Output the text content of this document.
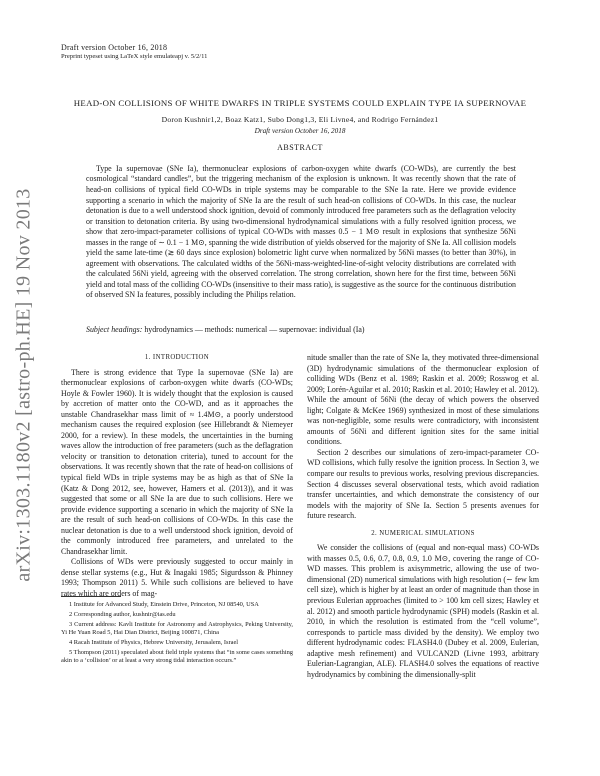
arXiv:1303.1180v2 [astro-ph.HE] 19 Nov 2013
Draft version October 16, 2018
Preprint typeset using LaTeX style emulateapj v. 5/2/11
HEAD-ON COLLISIONS OF WHITE DWARFS IN TRIPLE SYSTEMS COULD EXPLAIN TYPE IA SUPERNOVAE
Doron Kushnir1,2, Boaz Katz1, Subo Dong1,3, Eli Livne4, and Rodrigo Fernández1
Draft version October 16, 2018
ABSTRACT

Type Ia supernovae (SNe Ia), thermonuclear explosions of carbon-oxygen white dwarfs (CO-WDs), are currently the best cosmological “standard candles”, but the triggering mechanism of the explosion is unknown. It was recently shown that the rate of head-on collisions of typical field CO-WDs in triple systems may be comparable to the SNe Ia rate. Here we provide evidence supporting a scenario in which the majority of SNe Ia are the result of such head-on collisions of CO-WDs. In this case, the nuclear detonation is due to a well understood shock ignition, devoid of commonly introduced free parameters such as the deflagration velocity or transition to detonation criteria. By using two-dimensional hydrodynamical simulations with a fully resolved ignition process, we show that zero-impact-parameter collisions of typical CO-WDs with masses 0.5 − 1 M⊙ result in explosions that synthesize 56Ni masses in the range of ∼ 0.1 − 1 M⊙, spanning the wide distribution of yields observed for the majority of SNe Ia. All collision models yield the same late-time (≳ 60 days since explosion) bolometric light curve when normalized by 56Ni masses (to better than 30%), in agreement with observations. The calculated widths of the 56Ni-mass-weighted-line-of-sight velocity distributions are correlated with the calculated 56Ni yield, agreeing with the observed correlation. The strong correlation, shown here for the first time, between 56Ni yield and total mass of the colliding CO-WDs (insensitive to their mass ratio), is suggestive as the source for the continuous distribution of observed SN Ia features, possibly including the Philips relation.

Subject headings: hydrodynamics — methods: numerical — supernovae: individual (Ia)
1. INTRODUCTION

There is strong evidence that Type Ia supernovae (SNe Ia) are thermonuclear explosions of carbon-oxygen white dwarfs (CO-WDs; Hoyle & Fowler 1960). It is widely thought that the explosion is caused by accretion of matter onto the CO-WD, and as it approaches the unstable Chandrasekhar mass limit of ≈ 1.4M⊙, a poorly understood mechanism causes the required explosion (see Hillebrandt & Niemeyer 2000, for a review). In these models, the uncertainties in the burning waves allow the introduction of free parameters (such as the deflagration velocity or transition to detonation criteria), tuned to account for the observations. It was recently shown that the rate of head-on collisions of typical field WDs in triple systems may be as high as that of SNe Ia (Katz & Dong 2012, see, however, Hamers et al. (2013)), and it was suggested that some or all SNe Ia are due to such collisions. Here we provide evidence supporting a scenario in which the majority of SNe Ia are the result of such head-on collisions of CO-WDs. In this case the nuclear detonation is due to a well understood shock ignition, devoid of the commonly introduced free parameters, and unrelated to the Chandrasekhar limit.

Collisions of WDs were previously suggested to occur mainly in dense stellar systems (e.g., Hut & Inagaki 1985; Sigurdsson & Phinney 1993; Thompson 2011) 5. While such collisions are believed to have rates which are orders of mag-

1 Institute for Advanced Study, Einstein Drive, Princeton, NJ 08540, USA

2 Corresponding author, kushnir@ias.edu

3 Current address: Kavli Institute for Astronomy and Astrophysics, Peking University, Yi He Yuan Road 5, Hai Dian District, Beijing 100871, China

4 Racah Institute of Physics, Hebrew University, Jerusalem, Israel

5 Thompson (2011) speculated about field triple systems that “in some cases something akin to a ‘collision’ or at least a very strong tidal interaction occurs.”

nitude smaller than the rate of SNe Ia, they motivated three-dimensional (3D) hydrodynamic simulations of the thermonuclear explosion of colliding WDs (Benz et al. 1989; Raskin et al. 2009; Rosswog et al. 2009; Lorén-Aguilar et al. 2010; Raskin et al. 2010; Hawley et al. 2012). While the amount of 56Ni (the decay of which powers the observed light; Colgate & McKee 1969) synthesized in most of these simulations was non-negligible, some results were contradictory, with inconsistent amounts of 56Ni and different ignition sites for the same initial conditions.

Section 2 describes our simulations of zero-impact-parameter CO-WD collisions, which fully resolve the ignition process. In Section 3, we compare our results to previous works, resolving previous discrepancies. Section 4 discusses several observational tests, which avoid radiation transfer uncertainties, and which demonstrate the consistency of our models with the majority of SNe Ia. Section 5 presents avenues for future research.

2. NUMERICAL SIMULATIONS

We consider the collisions of (equal and non-equal mass) CO-WDs with masses 0.5, 0.6, 0.7, 0.8, 0.9, 1.0 M⊙, covering the range of CO-WD masses. This problem is axisymmetric, allowing the use of two-dimensional (2D) numerical simulations with high resolution (∼ few km cell size), which is higher by at least an order of magnitude than those in previous Eulerian approaches (limited to > 100 km cell sizes; Hawley et al. 2012) and smooth particle hydrodynamic (SPH) models (Raskin et al. 2010, in which the resolution is estimated from the “cell volume”, corresponds to particle mass divided by the density). We employ two different hydrodynamic codes: FLASH4.0 (Dubey et al. 2009, Eulerian, adaptive mesh refinement) and VULCAN2D (Livne 1993, arbitrary Eulerian-Lagrangian, ALE). FLASH4.0 solves the equations of reactive hydrodynamics by combining the dimensionally-split
